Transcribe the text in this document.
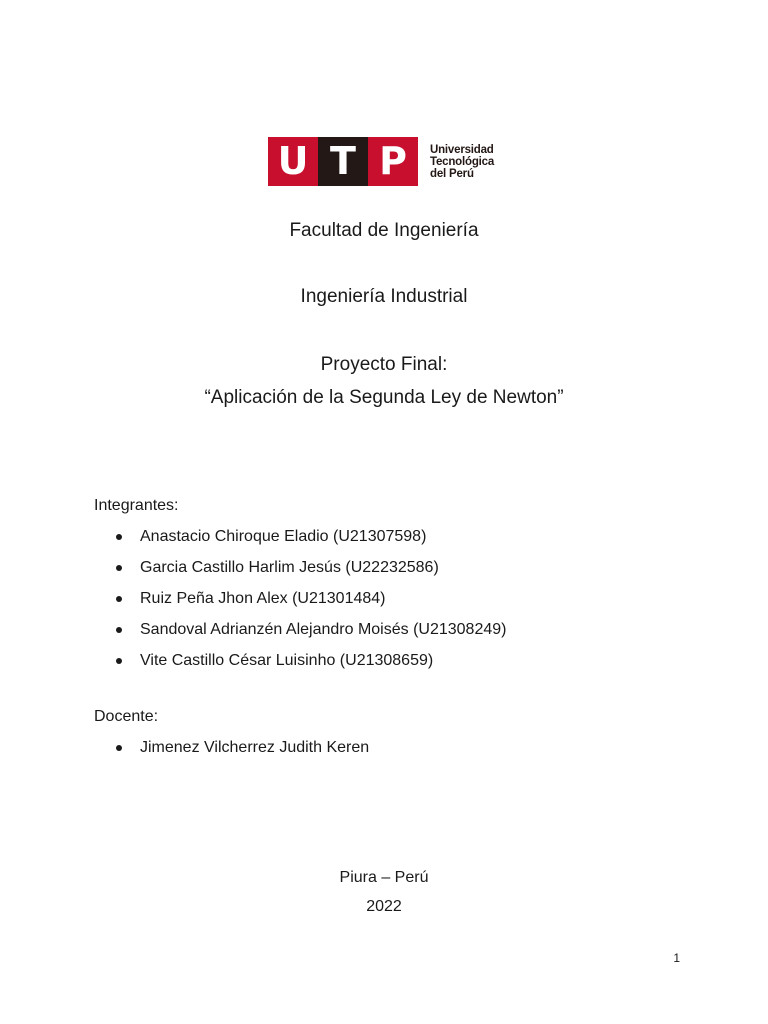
U T P	Universidad
Tecnológica
del Perú
Facultad de Ingeniería
Ingeniería Industrial
Proyecto Final:
“Aplicación de la Segunda Ley de Newton”
Integrantes:
Anastacio Chiroque Eladio (U21307598)
Garcia Castillo Harlim Jesús (U22232586)
Ruiz Peña Jhon Alex (U21301484)
Sandoval Adrianzén Alejandro Moisés (U21308249)
Vite Castillo César Luisinho (U21308659)
Docente:
Jimenez Vilcherrez Judith Keren
Piura – Perú
2022
1
